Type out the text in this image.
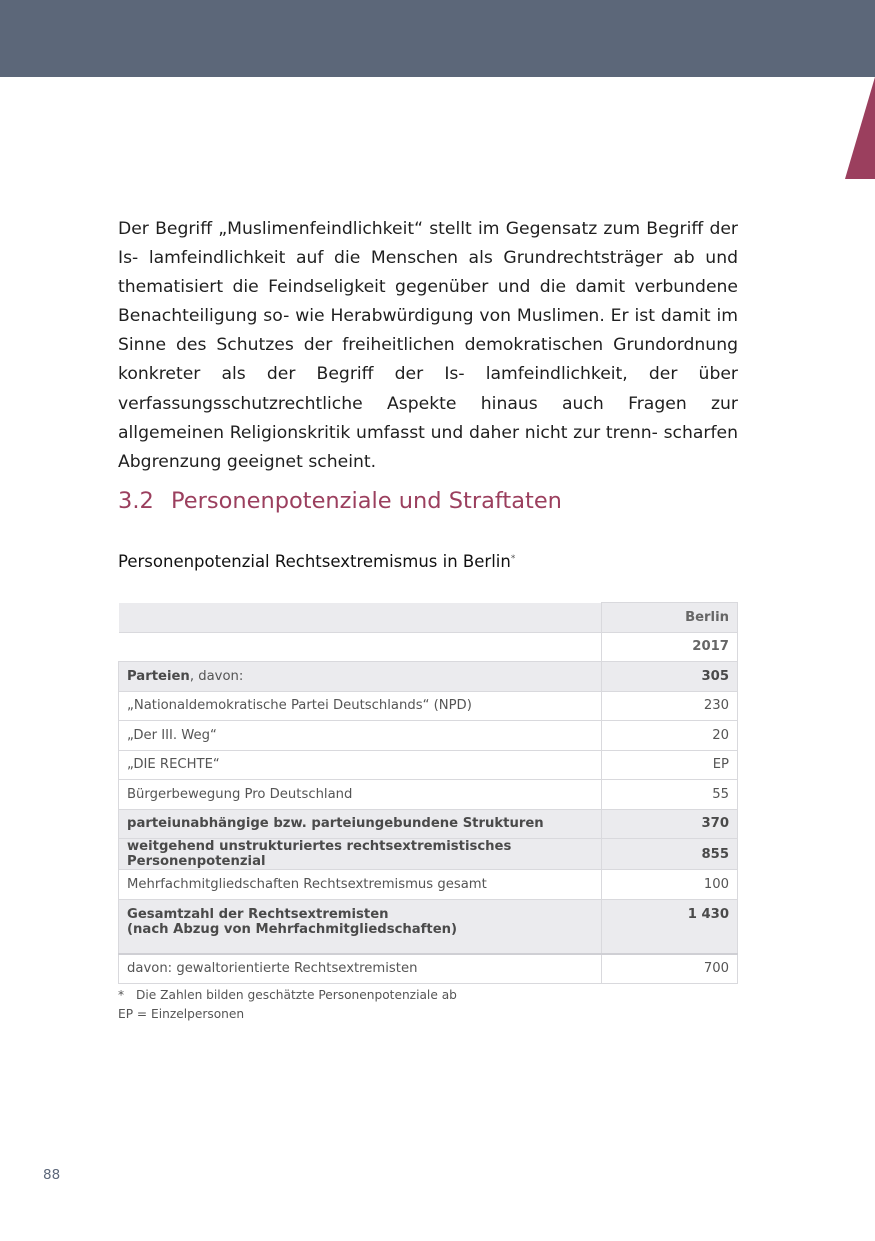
Der Begriff „Muslimenfeindlichkeit“ stellt im Gegensatz zum Begriff der Is- lamfeindlichkeit auf die Menschen als Grundrechtsträger ab und thematisiert die Feindseligkeit gegenüber und die damit verbundene Benachteiligung so- wie Herabwürdigung von Muslimen. Er ist damit im Sinne des Schutzes der freiheitlichen demokratischen Grundordnung konkreter als der Begriff der Is- lamfeindlichkeit, der über verfassungsschutzrechtliche Aspekte hinaus auch Fragen zur allgemeinen Religionskritik umfasst und daher nicht zur trenn- scharfen Abgrenzung geeignet scheint.

3.2 Personenpotenziale und Straftaten
Personenpotenzial Rechtsextremismus in Berlin*
	Berlin
	2017
Parteien, davon:	305
„Nationaldemokratische Partei Deutschlands“ (NPD)	230
„Der III. Weg“	20
„DIE RECHTE“	EP
Bürgerbewegung Pro Deutschland	55
parteiunabhängige bzw. parteiungebundene Strukturen	370
weitgehend unstrukturiertes rechtsextremistisches Personenpotenzial	855
Mehrfachmitgliedschaften Rechtsextremismus gesamt	100
Gesamtzahl der Rechtsextremisten
(nach Abzug von Mehrfachmitgliedschaften)	1 430
davon: gewaltorientierte Rechtsextremisten	700
* Die Zahlen bilden geschätzte Personenpotenziale ab
EP = Einzelpersonen
88
